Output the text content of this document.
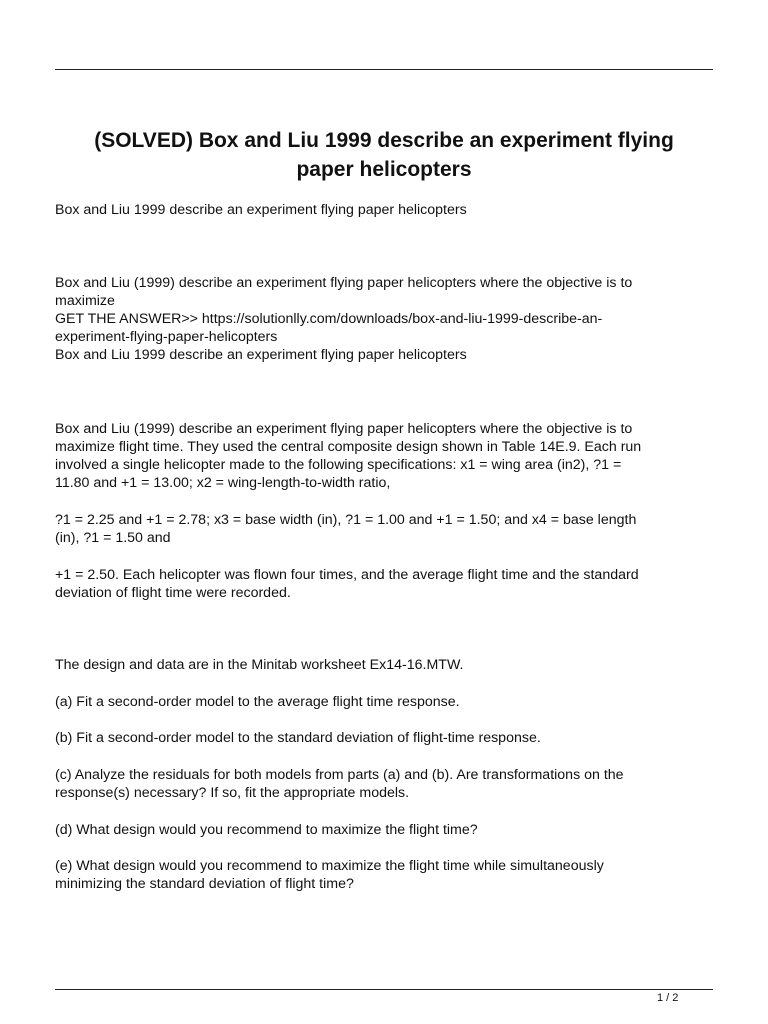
(SOLVED) Box and Liu 1999 describe an experiment flying
paper helicopters

Box and Liu 1999 describe an experiment flying paper helicopters

Box and Liu (1999) describe an experiment flying paper helicopters where the objective is to
maximize
GET THE ANSWER>> https://solutionlly.com/downloads/box-and-liu-1999-describe-an-
experiment-flying-paper-helicopters
Box and Liu 1999 describe an experiment flying paper helicopters

Box and Liu (1999) describe an experiment flying paper helicopters where the objective is to
maximize flight time. They used the central composite design shown in Table 14E.9. Each run
involved a single helicopter made to the following specifications: x1 = wing area (in2), ?1 =
11.80 and +1 = 13.00; x2 = wing-length-to-width ratio,

?1 = 2.25 and +1 = 2.78; x3 = base width (in), ?1 = 1.00 and +1 = 1.50; and x4 = base length
(in), ?1 = 1.50 and

+1 = 2.50. Each helicopter was flown four times, and the average flight time and the standard
deviation of flight time were recorded.

The design and data are in the Minitab worksheet Ex14-16.MTW.

(a) Fit a second-order model to the average flight time response.

(b) Fit a second-order model to the standard deviation of flight-time response.

(c) Analyze the residuals for both models from parts (a) and (b). Are transformations on the
response(s) necessary? If so, fit the appropriate models.

(d) What design would you recommend to maximize the flight time?

(e) What design would you recommend to maximize the flight time while simultaneously
minimizing the standard deviation of flight time?

1 / 2
